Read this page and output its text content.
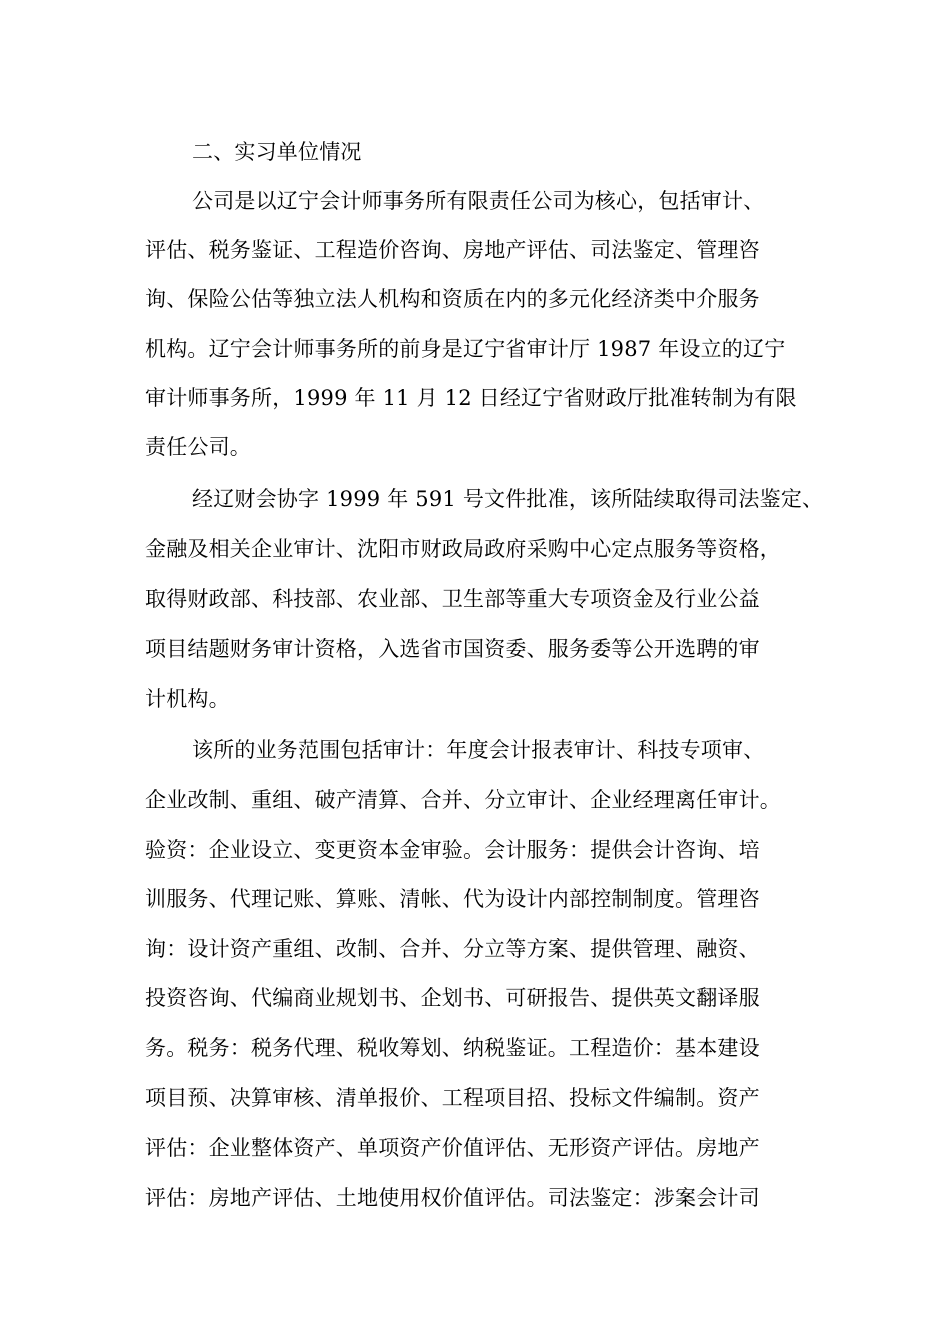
二、实习单位情况
公司是以辽宁会计师事务所有限责任公司为核心，包括审计、
评估、税务鉴证、工程造价咨询、房地产评估、司法鉴定、管理咨
询、保险公估等独立法人机构和资质在内的多元化经济类中介服务
机构。辽宁会计师事务所的前身是辽宁省审计厅 1987 年设立的辽宁
审计师事务所，1999 年 11 月 12 日经辽宁省财政厅批准转制为有限
责任公司。
经辽财会协字 1999 年 591 号文件批准，该所陆续取得司法鉴定、
金融及相关企业审计、沈阳市财政局政府采购中心定点服务等资格，
取得财政部、科技部、农业部、卫生部等重大专项资金及行业公益
项目结题财务审计资格，入选省市国资委、服务委等公开选聘的审
计机构。
该所的业务范围包括审计：年度会计报表审计、科技专项审、
企业改制、重组、破产清算、合并、分立审计、企业经理离任审计。
验资：企业设立、变更资本金审验。会计服务：提供会计咨询、培
训服务、代理记账、算账、清帐、代为设计内部控制制度。管理咨
询：设计资产重组、改制、合并、分立等方案、提供管理、融资、
投资咨询、代编商业规划书、企划书、可研报告、提供英文翻译服
务。税务：税务代理、税收筹划、纳税鉴证。工程造价：基本建设
项目预、决算审核、清单报价、工程项目招、投标文件编制。资产
评估：企业整体资产、单项资产价值评估、无形资产评估。房地产
评估：房地产评估、土地使用权价值评估。司法鉴定：涉案会计司
